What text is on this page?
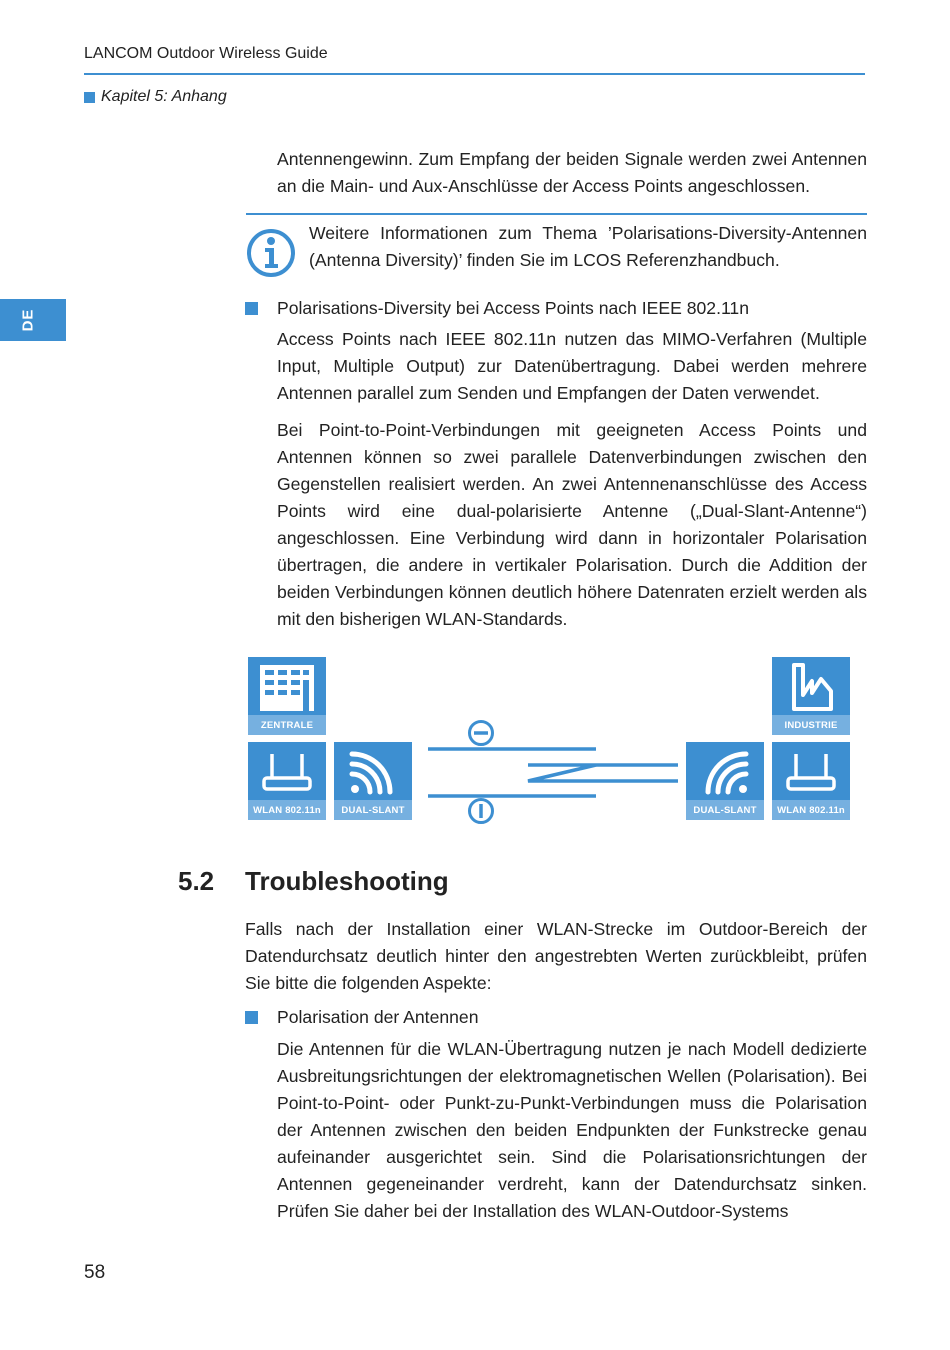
LANCOM Outdoor Wireless Guide
Kapitel 5: Anhang
DE
Antennengewinn. Zum Empfang der beiden Signale werden zwei Antennen an die Main- und Aux-Anschlüsse der Access Points angeschlossen.
Weitere Informationen zum Thema ’Polarisations-Diversity-Antennen (Antenna Diversity)’ finden Sie im LCOS Referenzhandbuch.
Polarisations-Diversity bei Access Points nach IEEE 802.11n
Access Points nach IEEE 802.11n nutzen das MIMO-Verfahren (Multiple Input, Multiple Output) zur Datenübertragung. Dabei werden mehrere Antennen parallel zum Senden und Empfangen der Daten verwendet.
Bei Point-to-Point-Verbindungen mit geeigneten Access Points und Antennen können so zwei parallele Datenverbindungen zwischen den Gegenstellen realisiert werden. An zwei Antennenanschlüsse des Access Points wird eine dual-polarisierte Antenne („Dual-Slant-Antenne“) angeschlossen. Eine Verbindung wird dann in horizontaler Polarisation übertragen, die andere in vertikaler Polarisation. Durch die Addition der beiden Verbindungen können deutlich höhere Datenraten erzielt werden als mit den bisherigen WLAN-Standards.
ZENTRALE	INDUSTRIE
WLAN 802.11n	DUAL-SLANT	DUAL-SLANT	WLAN 802.11n
5.2 Troubleshooting
Falls nach der Installation einer WLAN-Strecke im Outdoor-Bereich der Datendurchsatz deutlich hinter den angestrebten Werten zurückbleibt, prüfen Sie bitte die folgenden Aspekte:
Polarisation der Antennen
Die Antennen für die WLAN-Übertragung nutzen je nach Modell dedizierte Ausbreitungsrichtungen der elektromagnetischen Wellen (Polarisation). Bei Point-to-Point- oder Punkt-zu-Punkt-Verbindungen muss die Polarisation der Antennen zwischen den beiden Endpunkten der Funkstrecke genau aufeinander ausgerichtet sein. Sind die Polarisationsrichtungen der Antennen gegeneinander verdreht, kann der Datendurchsatz sinken. Prüfen Sie daher bei der Installation des WLAN-Outdoor-Systems
58
